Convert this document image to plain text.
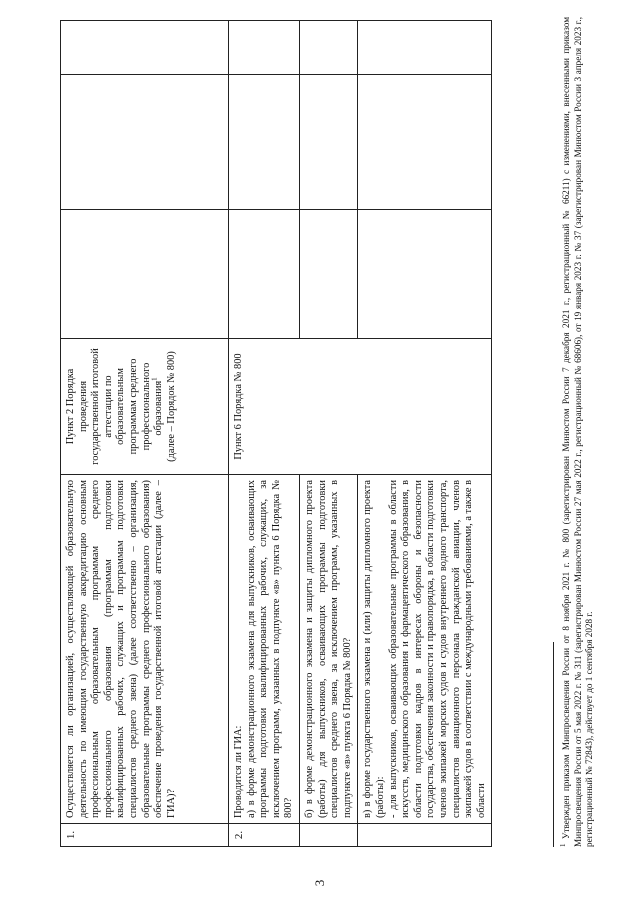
3
1.	Осуществляется ли организацией, осуществляющей образовательную деятельность по имеющим государственную аккредитацию основным профессиональным образовательным программам среднего профессионального образования (программам подготовки квалифицированных рабочих, служащих и программам подготовки специалистов среднего звена) (далее соответственно – организация, образовательные программы среднего профессионального образования) обеспечение проведения государственной итоговой аттестации (далее – ГИА)?	Пункт 2 Порядка проведения государственной итоговой аттестации по образовательным программам среднего профессионального образования$^1$ (далее – Порядок № 800)			

2.	Проводится ли ГИА: а) в форме демонстрационного экзамена для выпускников, осваивающих программы подготовки квалифицированных рабочих, служащих, за исключением программ, указанных в подпункте «в» пункта 6 Порядка № 800?	Пункт 6 Порядка № 800			

	б) в форме демонстрационного экзамена и защиты дипломного проекта (работы) для выпускников, осваивающих программы подготовки специалистов среднего звена, за исключением программ, указанных в подпункте «в» пункта 6 Порядка № 800?				

	в) в форме государственного экзамена и (или) защиты дипломного проекта (работы): - для выпускников, осваивающих образовательные программы в области искусств, медицинского образования и фармацевтического образования, в области подготовки кадров в интересах обороны и безопасности государства, обеспечения законности и правопорядка, в области подготовки членов экипажей морских судов и судов внутреннего водного транспорта, специалистов авиационного персонала гражданской авиации, членов экипажей судов в соответствии с международными требованиями, а также в области				

$^1$ Утвержден приказом Минпросвещения России от 8 ноября 2021 г. № 800 (зарегистрирован Минюстом России 7 декабря 2021 г., регистрационный № 66211) с изменениями, внесенными приказом Минпросвещения России от 5 мая 2022 г. № 311 (зарегистрирован Минюстом России 27 мая 2022 г., регистрационный № 68606), от 19 января 2023 г. № 37 (зарегистрирован Минюстом России 3 апреля 2023 г., регистрационный № 72843), действует до 1 сентября 2028 г.
